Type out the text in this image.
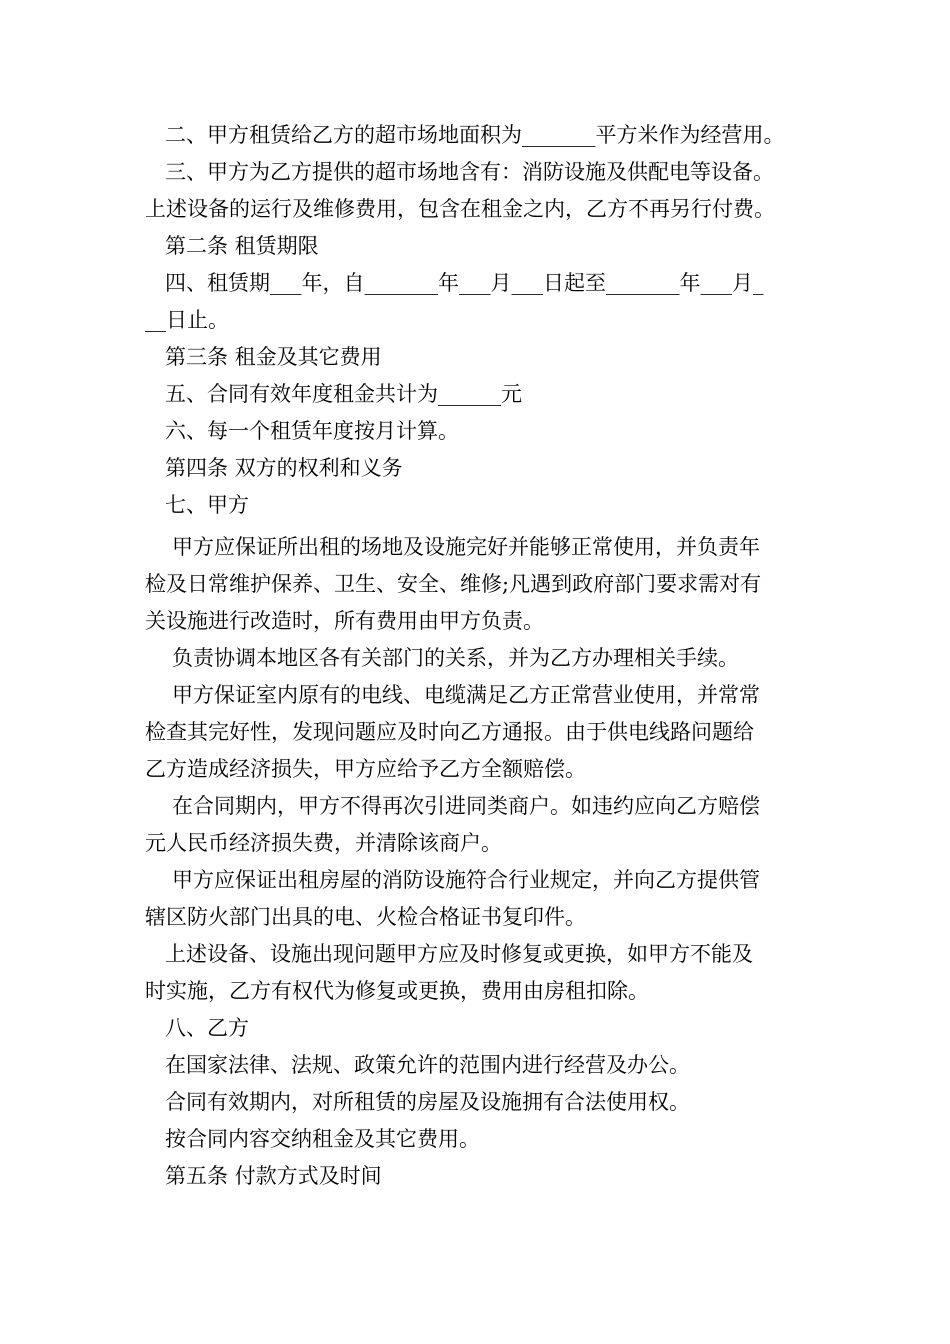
二、甲方租赁给乙方的超市场地面积为_______平方米作为经营用。
三、甲方为乙方提供的超市场地含有：消防设施及供配电等设备。
上述设备的运行及维修费用，包含在租金之内，乙方不再另行付费。
第二条 租赁期限
四、租赁期___年，自_______年___月___日起至_______年___月_
__日止。
第三条 租金及其它费用
五、合同有效年度租金共计为______元
六、每一个租赁年度按月计算。
第四条 双方的权利和义务
七、甲方
甲方应保证所出租的场地及设施完好并能够正常使用，并负责年
检及日常维护保养、卫生、安全、维修;凡遇到政府部门要求需对有
关设施进行改造时，所有费用由甲方负责。
负责协调本地区各有关部门的关系，并为乙方办理相关手续。
甲方保证室内原有的电线、电缆满足乙方正常营业使用，并常常
检查其完好性，发现问题应及时向乙方通报。由于供电线路问题给
乙方造成经济损失，甲方应给予乙方全额赔偿。
在合同期内，甲方不得再次引进同类商户。如违约应向乙方赔偿
元人民币经济损失费，并清除该商户。
甲方应保证出租房屋的消防设施符合行业规定，并向乙方提供管
辖区防火部门出具的电、火检合格证书复印件。
上述设备、设施出现问题甲方应及时修复或更换，如甲方不能及
时实施，乙方有权代为修复或更换，费用由房租扣除。
八、乙方
在国家法律、法规、政策允许的范围内进行经营及办公。
合同有效期内，对所租赁的房屋及设施拥有合法使用权。
按合同内容交纳租金及其它费用。
第五条 付款方式及时间
